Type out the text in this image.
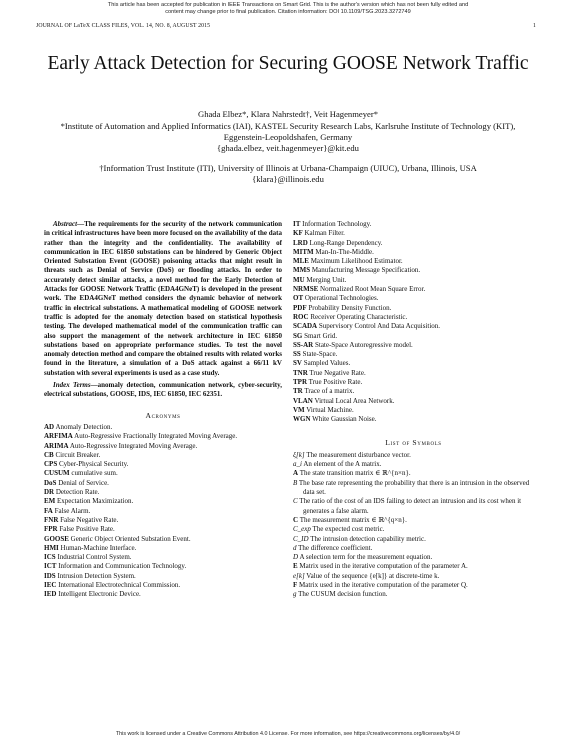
This article has been accepted for publication in IEEE Transactions on Smart Grid. This is the author's version which has not been fully edited and
content may change prior to final publication. Citation information: DOI 10.1109/TSG.2023.3272749
JOURNAL OF LaTeX CLASS FILES, VOL. 14, NO. 8, AUGUST 2015	1
Early Attack Detection for Securing GOOSE Network Traffic
Ghada Elbez*, Klara Nahrstedt†, Veit Hagenmeyer*
*Institute of Automation and Applied Informatics (IAI), KASTEL Security Research Labs, Karlsruhe Institute of Technology (KIT), Eggenstein-Leopoldshafen, Germany
{ghada.elbez, veit.hagenmeyer}@kit.edu
†Information Trust Institute (ITI), University of Illinois at Urbana-Champaign (UIUC), Urbana, Illinois, USA
{klara}@illinois.edu
Abstract—The requirements for the security of the network communication in critical infrastructures have been more focused on the availability of the data rather than the integrity and the confidentiality. The availability of communication in IEC 61850 substations can be hindered by Generic Object Oriented Substation Event (GOOSE) poisoning attacks that might result in threats such as Denial of Service (DoS) or flooding attacks. In order to accurately detect similar attacks, a novel method for the Early Detection of Attacks for GOOSE Network Traffic (EDA4GNeT) is developed in the present work. The EDA4GNeT method considers the dynamic behavior of network traffic in electrical substations. A mathematical modeling of GOOSE network traffic is adopted for the anomaly detection based on statistical hypothesis testing. The developed mathematical model of the communication traffic can also support the management of the network architecture in IEC 61850 substations based on appropriate performance studies. To test the novel anomaly detection method and compare the obtained results with related works found in the literature, a simulation of a DoS attack against a 66/11 kV substation with several experiments is used as a case study.
Index Terms—anomaly detection, communication network, cyber-security, electrical substations, GOOSE, IDS, IEC 61850, IEC 62351.
Acronyms
AD Anomaly Detection.
ARFIMA Auto-Regressive Fractionally Integrated Moving Average.
ARIMA Auto-Regressive Integrated Moving Average.
CB Circuit Breaker.
CPS Cyber-Physical Security.
CUSUM cumulative sum.
DoS Denial of Service.
DR Detection Rate.
EM Expectation Maximization.
FA False Alarm.
FNR False Negative Rate.
FPR False Positive Rate.
GOOSE Generic Object Oriented Substation Event.
HMI Human-Machine Interface.
ICS Industrial Control System.
ICT Information and Communication Technology.
IDS Intrusion Detection System.
IEC International Electrotechnical Commission.
IED Intelligent Electronic Device.
IT Information Technology.
KF Kalman Filter.
LRD Long-Range Dependency.
MITM Man-In-The-Middle.
MLE Maximum Likelihood Estimator.
MMS Manufacturing Message Specification.
MU Merging Unit.
NRMSE Normalized Root Mean Square Error.
OT Operational Technologies.
PDF Probability Density Function.
ROC Receiver Operating Characteristic.
SCADA Supervisory Control And Data Acquisition.
SG Smart Grid.
SS-AR State-Space Autoregressive model.
SS State-Space.
SV Sampled Values.
TNR True Negative Rate.
TPR True Positive Rate.
TR Trace of a matrix.
VLAN Virtual Local Area Network.
VM Virtual Machine.
WGN White Gaussian Noise.
List of Symbols
ξ[k] The measurement disturbance vector.
a_i An element of the A matrix.
A The state transition matrix ∈ ℝ^{n×n}.
B The base rate representing the probability that there is an intrusion in the observed data set.
C The ratio of the cost of an IDS failing to detect an intrusion and its cost when it generates a false alarm.
C The measurement matrix ∈ ℝ^{q×n}.
C_exp The expected cost metric.
C_ID The intrusion detection capability metric.
d The difference coefficient.
D A selection term for the measurement equation.
E Matrix used in the iterative computation of the parameter A.
e[k] Value of the sequence {e[k]} at discrete-time k.
F Matrix used in the iterative computation of the parameter Q.
g The CUSUM decision function.
This work is licensed under a Creative Commons Attribution 4.0 License. For more information, see https://creativecommons.org/licenses/by/4.0/
